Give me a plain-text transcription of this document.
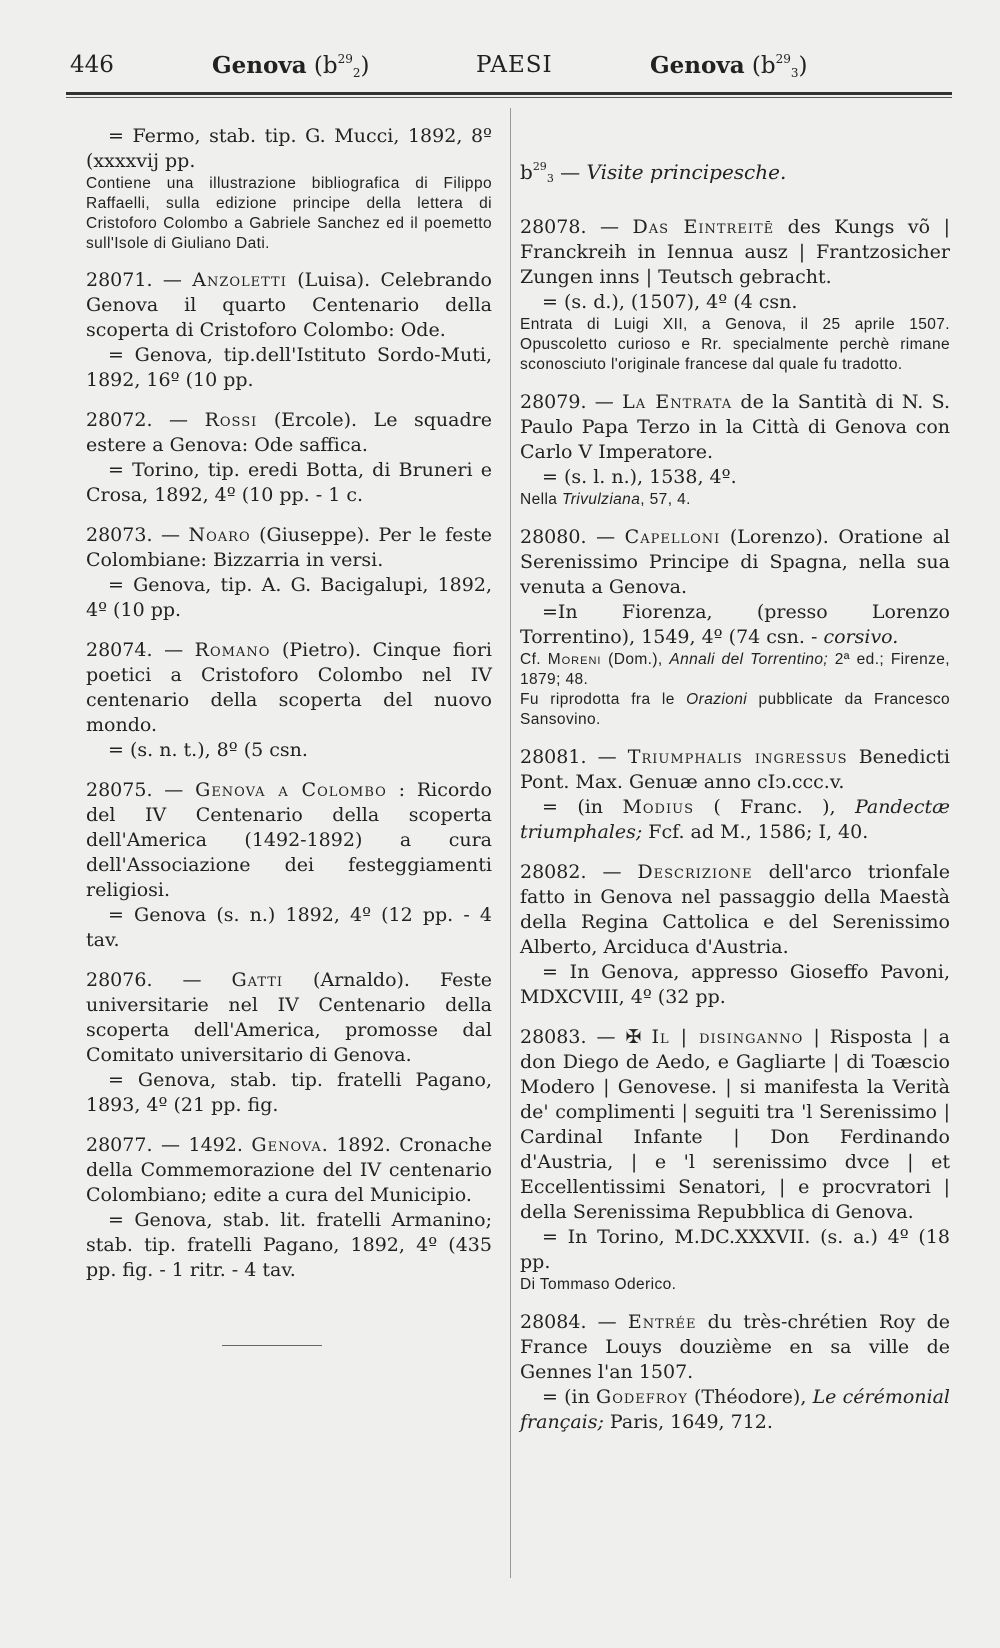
446	Genova $(b^{29}_2)$	PAESI	Genova $(b^{29}_3)$

= Fermo, stab. tip. G. Mucci, 1892, 8º (xxxxvij pp.

Contiene una illustrazione bibliografica di Filippo Raffaelli, sulla edizione principe della lettera di Cristoforo Colombo a Gabriele Sanchez ed il poemetto sull'Isole di Giuliano Dati.

28071. — Anzoletti (Luisa). Celebrando Genova il quarto Centenario della scoperta di Cristoforo Colombo: Ode.

= Genova, tip.dell'Istituto Sordo-Muti, 1892, 16º (10 pp.

28072. — Rossi (Ercole). Le squadre estere a Genova: Ode saffica.

= Torino, tip. eredi Botta, di Bruneri e Crosa, 1892, 4º (10 pp. - 1 c.

28073. — Noaro (Giuseppe). Per le feste Colombiane: Bizzarria in versi.

= Genova, tip. A. G. Bacigalupi, 1892, 4º (10 pp.

28074. — Romano (Pietro). Cinque fiori poetici a Cristoforo Colombo nel IV centenario della scoperta del nuovo mondo.

= (s. n. t.), 8º (5 csn.

28075. — Genova a Colombo : Ricordo del IV Centenario della scoperta dell'America (1492-1892) a cura dell'Associazione dei festeggiamenti religiosi.

= Genova (s. n.) 1892, 4º (12 pp. - 4 tav.

28076. — Gatti (Arnaldo). Feste universitarie nel IV Centenario della scoperta dell'America, promosse dal Comitato universitario di Genova.

= Genova, stab. tip. fratelli Pagano, 1893, 4º (21 pp. fig.

28077. — 1492. Genova. 1892. Cronache della Commemorazione del IV centenario Colombiano; edite a cura del Municipio.

= Genova, stab. lit. fratelli Armanino; stab. tip. fratelli Pagano, 1892, 4º (435 pp. fig. - 1 ritr. - 4 tav.

$b^{29}_3$ — Visite principesche.

28078. — Das Eintreitē des Kungs võ | Franckreih in Iennua ausz | Frantzosicher Zungen inns | Teutsch gebracht.

= (s. d.), (1507), 4º (4 csn.

Entrata di Luigi XII, a Genova, il 25 aprile 1507. Opuscoletto curioso e Rr. specialmente perchè rimane sconosciuto l'originale francese dal quale fu tradotto.

28079. — La Entrata de la Santità di N. S. Paulo Papa Terzo in la Città di Genova con Carlo V Imperatore.

= (s. l. n.), 1538, 4º.

Nella Trivulziana, 57, 4.

28080. — Capelloni (Lorenzo). Oratione al Serenissimo Principe di Spagna, nella sua venuta a Genova.

=In Fiorenza, (presso Lorenzo Torrentino), 1549, 4º (74 csn. - corsivo.

Cf. Moreni (Dom.), Annali del Torrentino; 2ª ed.; Firenze, 1879; 48.

Fu riprodotta fra le Orazioni pubblicate da Francesco Sansovino.

28081. — Triumphalis ingressus Benedicti Pont. Max. Genuæ anno cIↄ.ccc.v.

= (in Modius ( Franc. ), Pandectæ triumphales; Fcf. ad M., 1586; I, 40.

28082. — Descrizione dell'arco trionfale fatto in Genova nel passaggio della Maestà della Regina Cattolica e del Serenissimo Alberto, Arciduca d'Austria.

= In Genova, appresso Gioseffo Pavoni, MDXCVIII, 4º (32 pp.

28083. — ✠ Il | disinganno | Risposta | a don Diego de Aedo, e Gagliarte | di Toæscio Modero | Genovese. | si manifesta la Verità de' complimenti | seguiti tra 'l Serenissimo | Cardinal Infante | Don Ferdinando d'Austria, | e 'l serenissimo dvce | et Eccellentissimi Senatori, | e procvratori | della Serenissima Repubblica di Genova.

= In Torino, M.DC.XXXVII. (s. a.) 4º (18 pp.

Di Tommaso Oderico.

28084. — Entrée du très-chrétien Roy de France Louys douzième en sa ville de Gennes l'an 1507.

= (in Godefroy (Théodore), Le cérémonial français; Paris, 1649, 712.
